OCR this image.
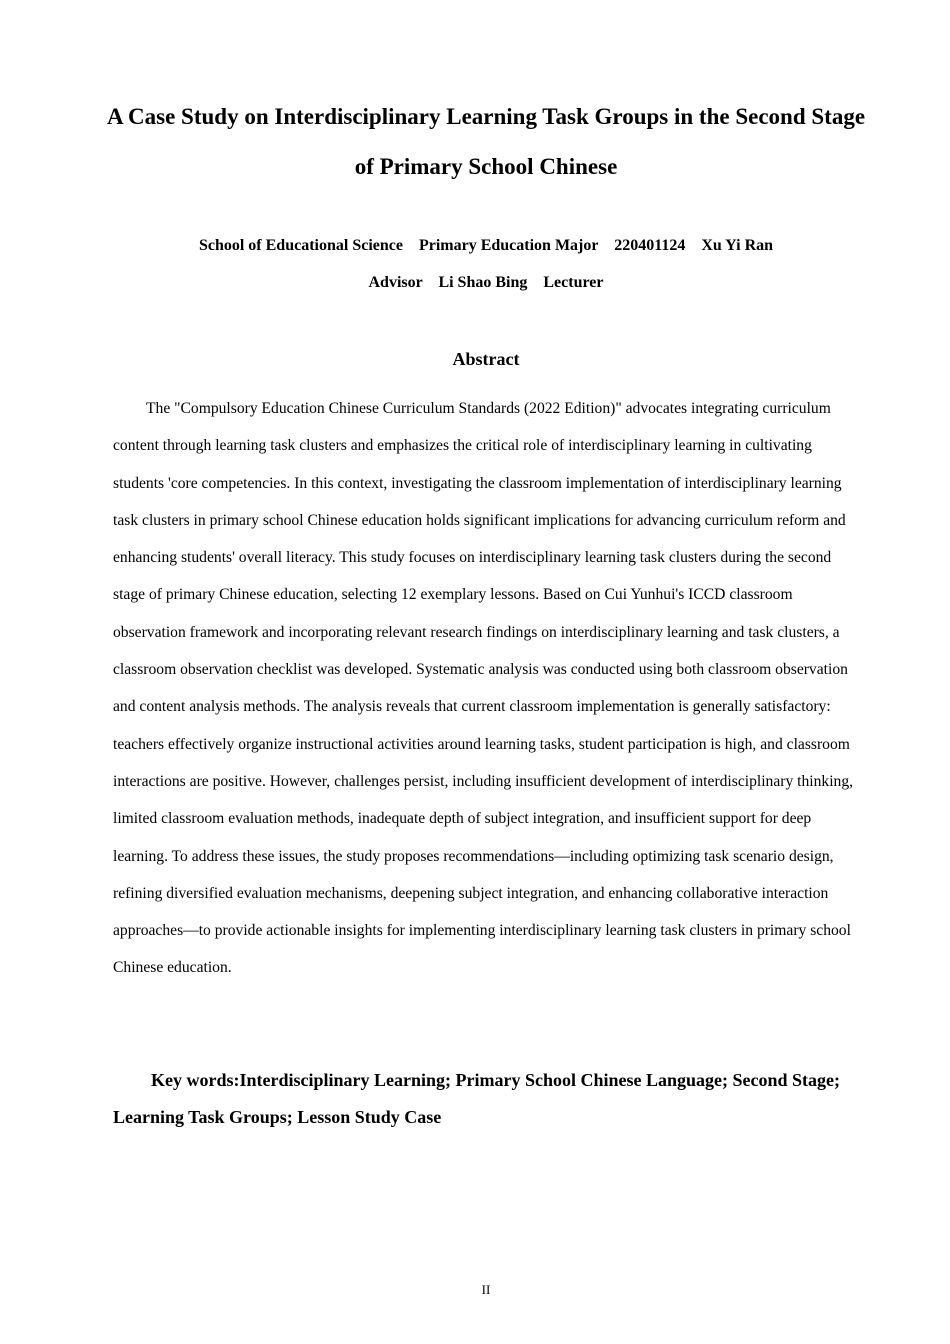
A Case Study on Interdisciplinary Learning Task Groups in the Second Stage of Primary School Chinese
School of Educational Science    Primary Education Major    220401124    Xu Yi Ran
Advisor    Li Shao Bing    Lecturer
Abstract

The "Compulsory Education Chinese Curriculum Standards (2022 Edition)" advocates integrating curriculum content through learning task clusters and emphasizes the critical role of interdisciplinary learning in cultivating students 'core competencies. In this context, investigating the classroom implementation of interdisciplinary learning task clusters in primary school Chinese education holds significant implications for advancing curriculum reform and enhancing students' overall literacy. This study focuses on interdisciplinary learning task clusters during the second stage of primary Chinese education, selecting 12 exemplary lessons. Based on Cui Yunhui's ICCD classroom observation framework and incorporating relevant research findings on interdisciplinary learning and task clusters, a classroom observation checklist was developed. Systematic analysis was conducted using both classroom observation and content analysis methods. The analysis reveals that current classroom implementation is generally satisfactory: teachers effectively organize instructional activities around learning tasks, student participation is high, and classroom interactions are positive. However, challenges persist, including insufficient development of interdisciplinary thinking, limited classroom evaluation methods, inadequate depth of subject integration, and insufficient support for deep learning. To address these issues, the study proposes recommendations—including optimizing task scenario design, refining diversified evaluation mechanisms, deepening subject integration, and enhancing collaborative interaction approaches—to provide actionable insights for implementing interdisciplinary learning task clusters in primary school Chinese education.

Key words:Interdisciplinary Learning; Primary School Chinese Language; Second Stage; Learning Task Groups; Lesson Study Case

II
